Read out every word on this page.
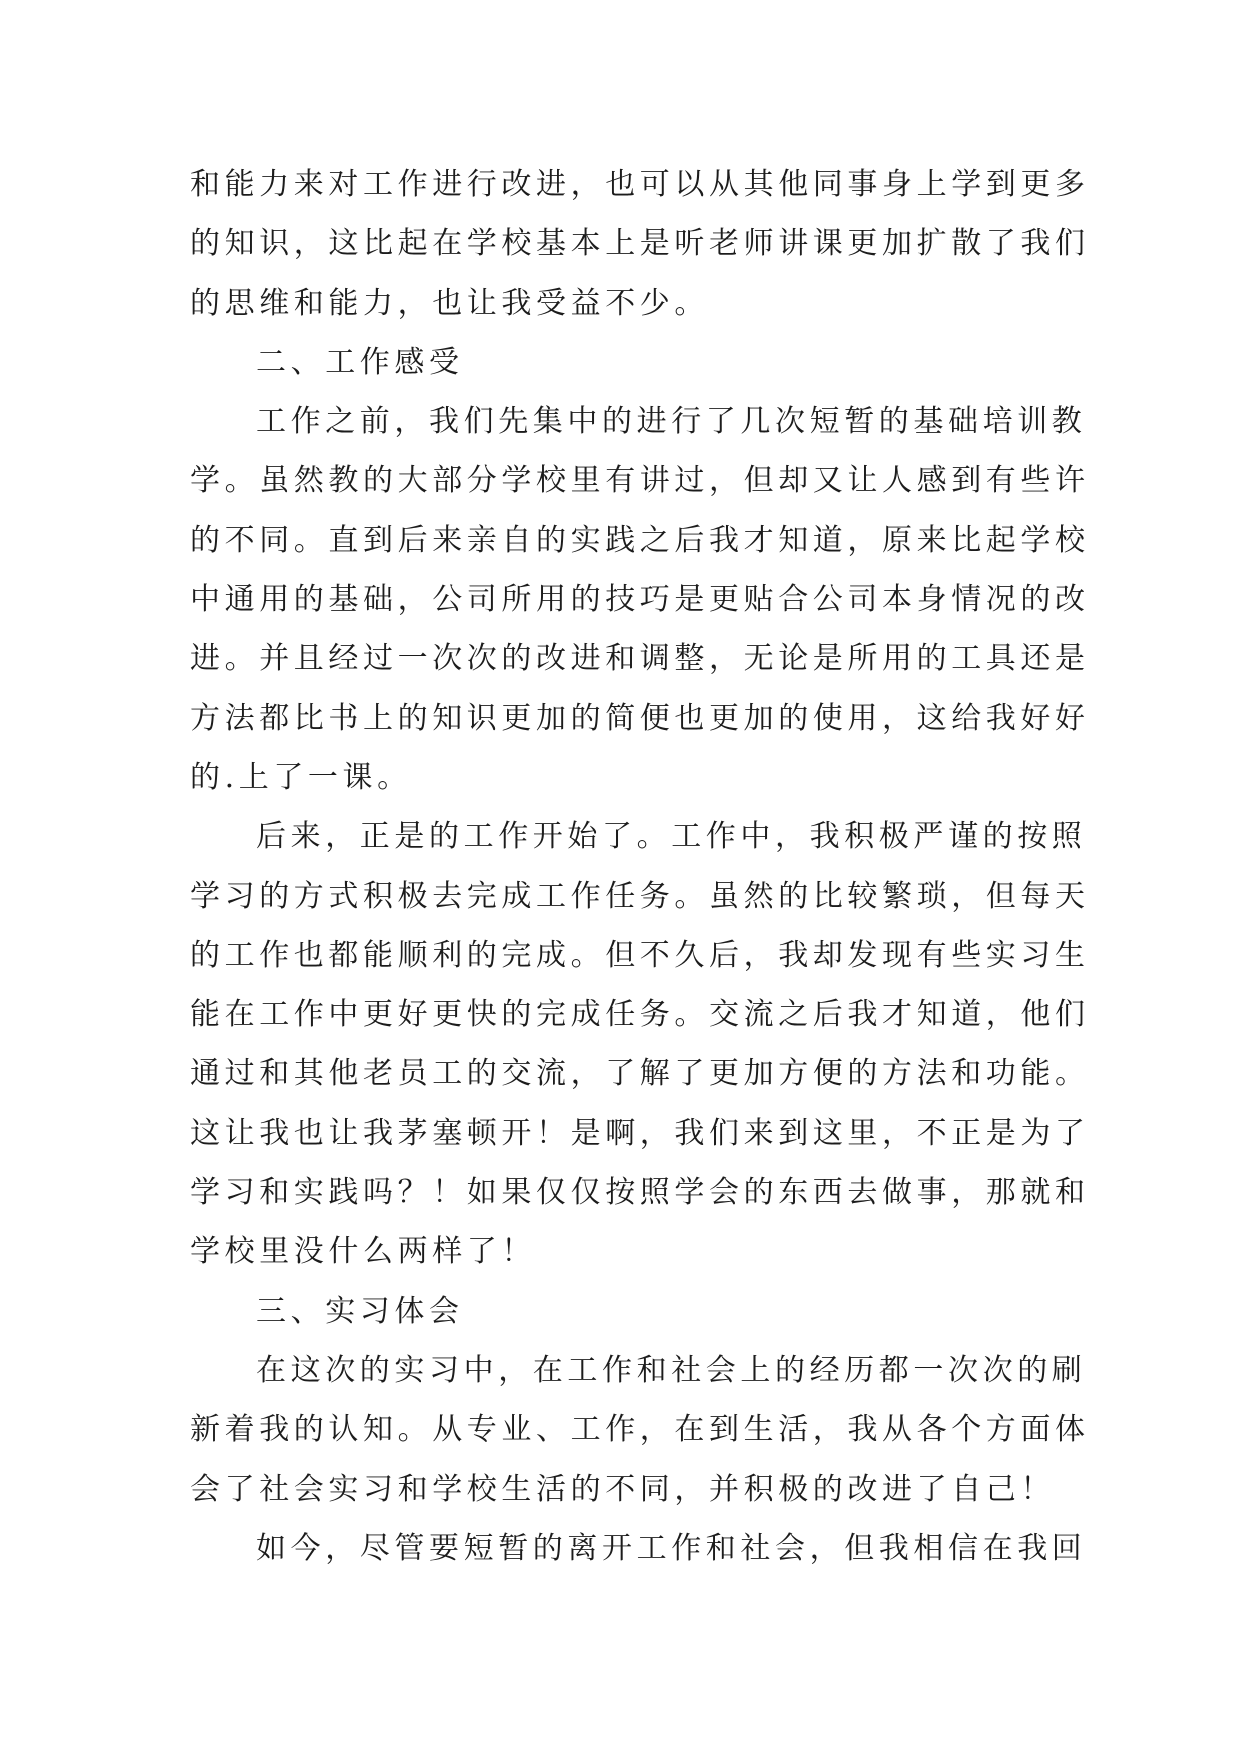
和能力来对工作进行改进，也可以从其他同事身上学到更多
的知识，这比起在学校基本上是听老师讲课更加扩散了我们
的思维和能力，也让我受益不少。
二、工作感受
工作之前，我们先集中的进行了几次短暂的基础培训教
学。虽然教的大部分学校里有讲过，但却又让人感到有些许
的不同。直到后来亲自的实践之后我才知道，原来比起学校
中通用的基础，公司所用的技巧是更贴合公司本身情况的改
进。并且经过一次次的改进和调整，无论是所用的工具还是
方法都比书上的知识更加的简便也更加的使用，这给我好好
的.上了一课。
后来，正是的工作开始了。工作中，我积极严谨的按照
学习的方式积极去完成工作任务。虽然的比较繁琐，但每天
的工作也都能顺利的完成。但不久后，我却发现有些实习生
能在工作中更好更快的完成任务。交流之后我才知道，他们
通过和其他老员工的交流，了解了更加方便的方法和功能。
这让我也让我茅塞顿开！是啊，我们来到这里，不正是为了
学习和实践吗？！如果仅仅按照学会的东西去做事，那就和
学校里没什么两样了！
三、实习体会
在这次的实习中，在工作和社会上的经历都一次次的刷
新着我的认知。从专业、工作，在到生活，我从各个方面体
会了社会实习和学校生活的不同，并积极的改进了自己！
如今，尽管要短暂的离开工作和社会，但我相信在我回
